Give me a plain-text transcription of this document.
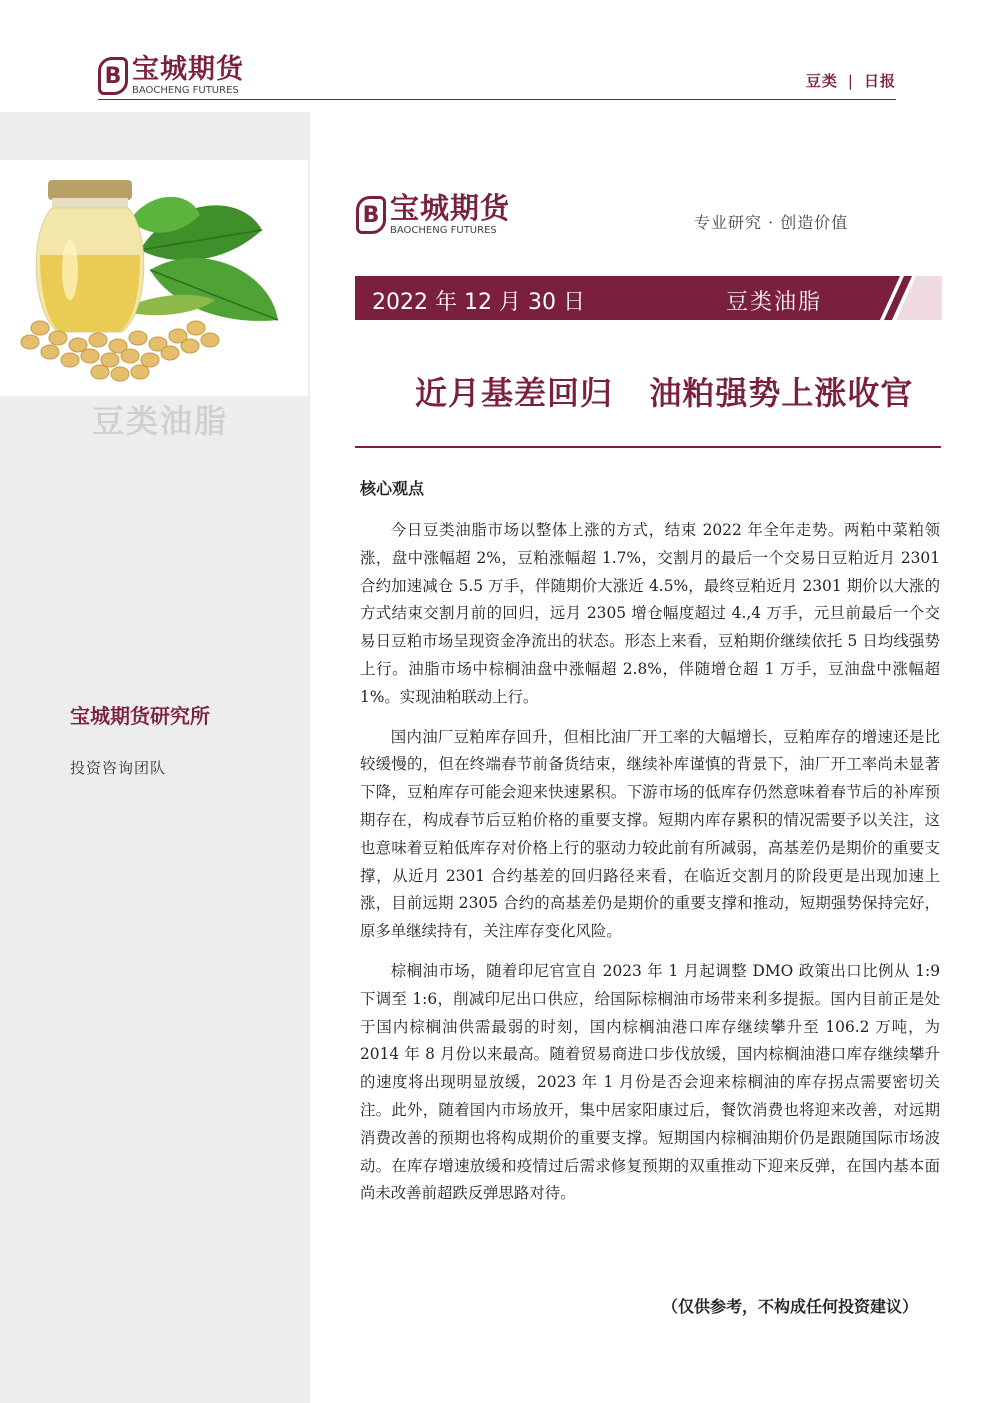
B 宝城期货
BAOCHENG FUTURES
豆类 | 日报
豆类油脂
宝城期货研究所
投资咨询团队
B 宝城期货
BAOCHENG FUTURES	专业研究 · 创造价值
2022 年 12 月 30 日	豆类油脂
近月基差回归   油粕强势上涨收官
核心观点

今日豆类油脂市场以整体上涨的方式，结束 2022 年全年走势。两粕中菜粕领涨，盘中涨幅超 2%，豆粕涨幅超 1.7%，交割月的最后一个交易日豆粕近月 2301 合约加速减仓 5.5 万手，伴随期价大涨近 4.5%，最终豆粕近月 2301 期价以大涨的方式结束交割月前的回归，远月 2305 增仓幅度超过 4.,4 万手，元旦前最后一个交易日豆粕市场呈现资金净流出的状态。形态上来看，豆粕期价继续依托 5 日均线强势上行。油脂市场中棕榈油盘中涨幅超 2.8%，伴随增仓超 1 万手，豆油盘中涨幅超 1%。实现油粕联动上行。

国内油厂豆粕库存回升，但相比油厂开工率的大幅增长，豆粕库存的增速还是比较缓慢的，但在终端春节前备货结束，继续补库谨慎的背景下，油厂开工率尚未显著下降，豆粕库存可能会迎来快速累积。下游市场的低库存仍然意味着春节后的补库预期存在，构成春节后豆粕价格的重要支撑。短期内库存累积的情况需要予以关注，这也意味着豆粕低库存对价格上行的驱动力较此前有所减弱，高基差仍是期价的重要支撑，从近月 2301 合约基差的回归路径来看，在临近交割月的阶段更是出现加速上涨，目前远期 2305 合约的高基差仍是期价的重要支撑和推动，短期强势保持完好，原多单继续持有，关注库存变化风险。

棕榈油市场，随着印尼官宣自 2023 年 1 月起调整 DMO 政策出口比例从 1:9 下调至 1:6，削减印尼出口供应，给国际棕榈油市场带来利多提振。国内目前正是处于国内棕榈油供需最弱的时刻，国内棕榈油港口库存继续攀升至 106.2 万吨，为 2014 年 8 月份以来最高。随着贸易商进口步伐放缓，国内棕榈油港口库存继续攀升的速度将出现明显放缓，2023 年 1 月份是否会迎来棕榈油的库存拐点需要密切关注。此外，随着国内市场放开，集中居家阳康过后，餐饮消费也将迎来改善，对远期消费改善的预期也将构成期价的重要支撑。短期国内棕榈油期价仍是跟随国际市场波动。在库存增速放缓和疫情过后需求修复预期的双重推动下迎来反弹，在国内基本面尚未改善前超跌反弹思路对待。

（仅供参考，不构成任何投资建议）
